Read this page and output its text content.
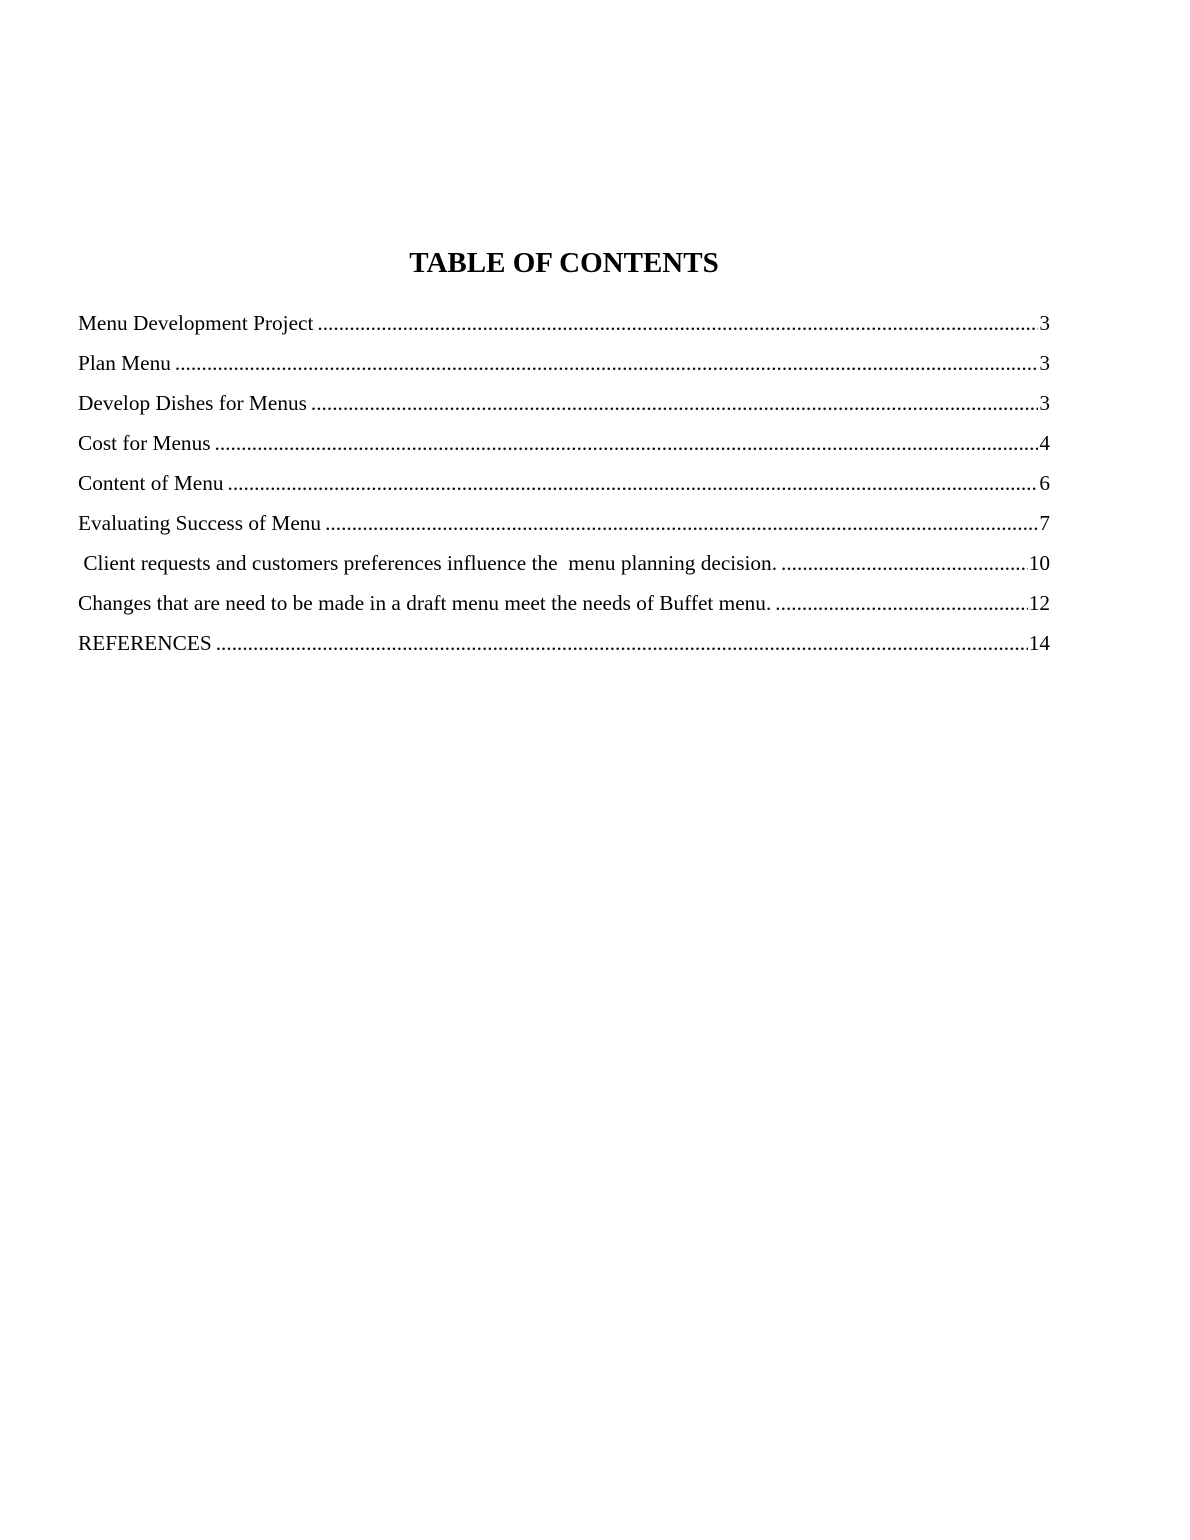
TABLE OF CONTENTS
Menu Development Project .....	3
Plan Menu .....	3
Develop Dishes for Menus .....	3
Cost for Menus .....	4
Content of Menu .....	6
Evaluating Success of Menu .....	7
Client requests and customers preferences influence the  menu planning decision. .....	10
Changes that are need to be made in a draft menu meet the needs of Buffet menu. .....	12
REFERENCES .....	14
